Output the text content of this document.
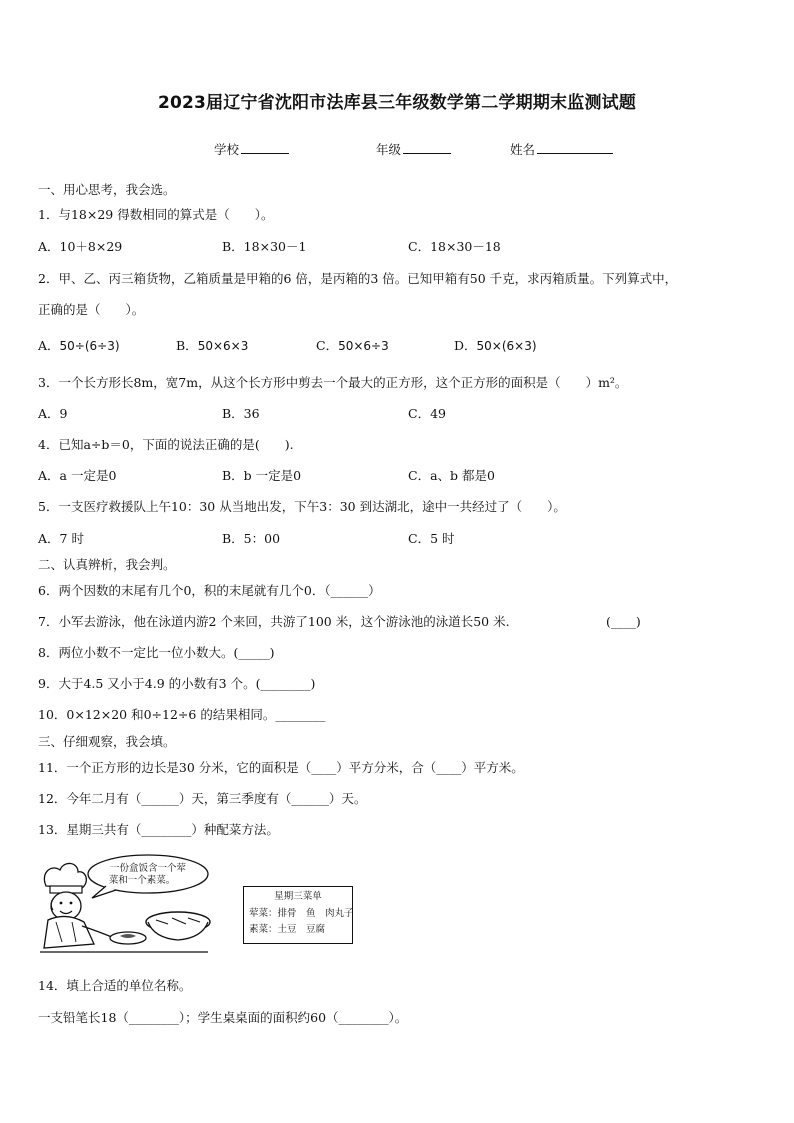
2023届辽宁省沈阳市法库县三年级数学第二学期期末监测试题
学校	年级	姓名
一、用心思考，我会选。
1．与18×29 得数相同的算式是（　　）。
A．10＋8×29	B．18×30－1	C．18×30－18
2．甲、乙、丙三箱货物，乙箱质量是甲箱的6 倍，是丙箱的3 倍。已知甲箱有50 千克，求丙箱质量。下列算式中，
正确的是（　　）。
A．50÷(6÷3)	B．50×6×3	C．50×6÷3	D．50×(6×3)
3．一个长方形长8m，宽7m，从这个长方形中剪去一个最大的正方形，这个正方形的面积是（　　）m²。
A．9	B．36	C．49
4．已知a÷b＝0，下面的说法正确的是(　　).
A．a 一定是0	B．b 一定是0	C．a、b 都是0
5．一支医疗救援队上午10：30 从当地出发，下午3：30 到达湖北，途中一共经过了（　　）。
A．7 时	B．5：00	C．5 时
二、认真辨析，我会判。
6．两个因数的末尾有几个0，积的末尾就有几个0．（______）
7．小军去游泳，他在泳道内游2 个来回，共游了100 米，这个游泳池的泳道长50 米.	(____)
8．两位小数不一定比一位小数大。(_____)
9．大于4.5 又小于4.9 的小数有3 个。(________)
10．0×12×20 和0÷12÷6 的结果相同。________
三、仔细观察，我会填。
11．一个正方形的边长是30 分米，它的面积是（____）平方分米，合（____）平方米。
12．今年二月有（______）天，第三季度有（______）天。
13．星期三共有（________）种配菜方法。
一份盒饭含一个荤
菜和一个素菜。
星期三菜单
荤菜：排骨　鱼　肉丸子
素菜：土豆　豆腐
14．填上合适的单位名称。
一支铅笔长18（________）；学生桌桌面的面积约60（________）。
